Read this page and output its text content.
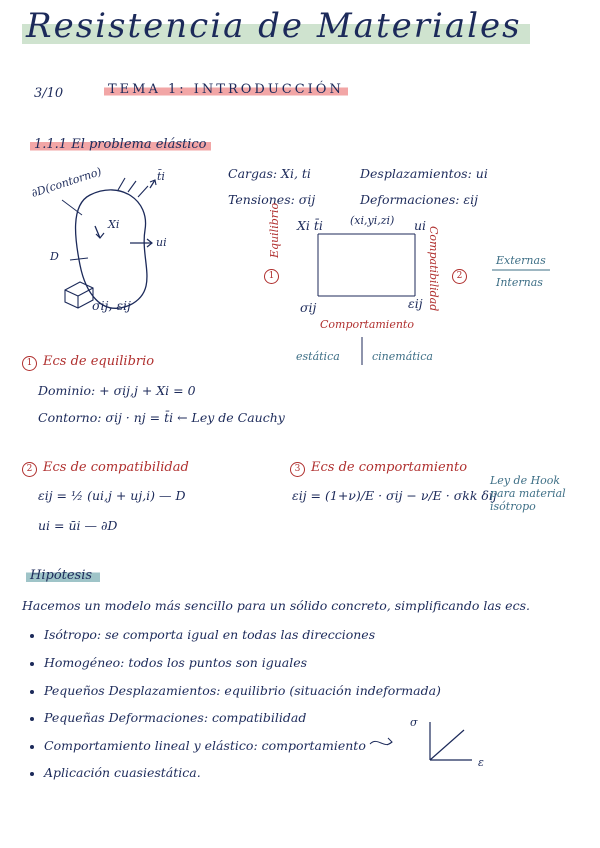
Resistencia de Materiales
3/10	TEMA 1: INTRODUCCIÓN
1.1.1 El problema elástico
∂D(contorno)	t̄i
Xi
ui
D
σij, εij
Cargas: Xi, ti	Desplazamientos: ui
Tensiones: σij	Deformaciones: εij
Xi t̄i (xi,yi,zi) ui
σij	εij
Equilibrio	Compatibilidad
Comportamiento
1	2
Externas
Internas
estática	cinemática
1 Ecs de equilibrio
Dominio: + σij,j + Xi = 0
Contorno: σij · nj = t̄i ← Ley de Cauchy
2 Ecs de compatibilidad
εij = ½ (ui,j + uj,i) — D
ui = ūi — ∂D
3 Ecs de comportamiento
εij = (1+ν)/E · σij − ν/E · σkk δij
Ley de Hook
para material
isótropo
Hipótesis
Hacemos un modelo más sencillo para un sólido concreto, simplificando las ecs.
Isótropo: se comporta igual en todas las direcciones
Homogéneo: todos los puntos son iguales
Pequeños Desplazamientos: equilibrio (situación indeformada)
Pequeñas Deformaciones: compatibilidad
Comportamiento lineal y elástico: comportamiento
Aplicación cuasiestática.
σ
ε
